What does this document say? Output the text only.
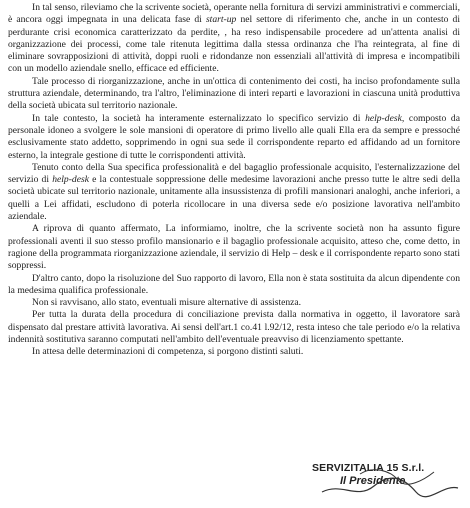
In tal senso, rileviamo che la scrivente società, operante nella fornitura di servizi amministrativi e commerciali, è ancora oggi impegnata in una delicata fase di start-up nel settore di riferimento che, anche in un contesto di perdurante crisi economica caratterizzato da perdite, , ha reso indispensabile procedere ad un'attenta analisi di organizzazione dei processi, come tale ritenuta legittima dalla stessa ordinanza che l'ha reintegrata, al fine di eliminare sovrapposizioni di attività, doppi ruoli e ridondanze non essenziali all'attività di impresa e incompatibili con un modello aziendale snello, efficace ed efficiente.

Tale processo di riorganizzazione, anche in un'ottica di contenimento dei costi, ha inciso profondamente sulla struttura aziendale, determinando, tra l'altro, l'eliminazione di interi reparti e lavorazioni in ciascuna unità produttiva della società ubicata sul territorio nazionale.

In tale contesto, la società ha interamente esternalizzato lo specifico servizio di help-desk, composto da personale idoneo a svolgere le sole mansioni di operatore di primo livello alle quali Ella era da sempre e pressoché esclusivamente stato addetto, sopprimendo in ogni sua sede il corrispondente reparto ed affidando ad un fornitore esterno, la integrale gestione di tutte le corrispondenti attività.

Tenuto conto della Sua specifica professionalità e del bagaglio professionale acquisito, l'esternalizzazione del servizio di help-desk e la contestuale soppressione delle medesime lavorazioni anche presso tutte le altre sedi della società ubicate sul territorio nazionale, unitamente alla insussistenza di profili mansionari analoghi, anche inferiori, a quelli a Lei affidati, escludono di poterla ricollocare in una diversa sede e/o posizione lavorativa nell'ambito aziendale.

A riprova di quanto affermato, La informiamo, inoltre, che la scrivente società non ha assunto figure professionali aventi il suo stesso profilo mansionario e il bagaglio professionale acquisito, atteso che, come detto, in ragione della programmata riorganizzazione aziendale, il servizio di Help – desk e il corrispondente reparto sono stati soppressi.

D'altro canto, dopo la risoluzione del Suo rapporto di lavoro, Ella non è stata sostituita da alcun dipendente con la medesima qualifica professionale.

Non si ravvisano, allo stato, eventuali misure alternative di assistenza.

Per tutta la durata della procedura di conciliazione prevista dalla normativa in oggetto, il lavoratore sarà dispensato dal prestare attività lavorativa. Ai sensi dell'art.1 co.41 l.92/12, resta inteso che tale periodo e/o la relativa indennità sostitutiva saranno computati nell'ambito dell'eventuale preavviso di licenziamento spettante.

In attesa delle determinazioni di competenza, si porgono distinti saluti.

SERVIZITALIA 15 S.r.l.
Il Presidente
